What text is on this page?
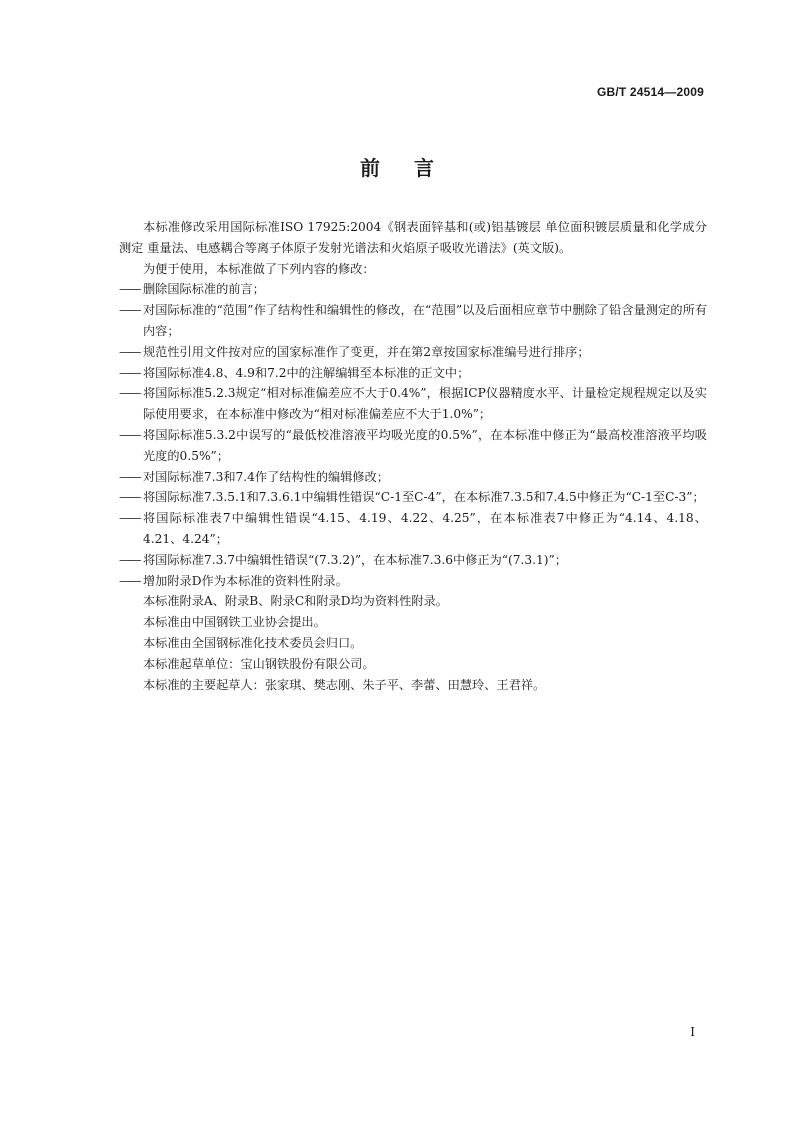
GB/T 24514—2009
前言

本标准修改采用国际标准ISO 17925:2004《钢表面锌基和(或)铝基镀层 单位面积镀层质量和化学成分测定 重量法、电感耦合等离子体原子发射光谱法和火焰原子吸收光谱法》(英文版)。

为便于使用，本标准做了下列内容的修改：

—— 删除国际标准的前言；

—— 对国际标准的“范围”作了结构性和编辑性的修改，在“范围”以及后面相应章节中删除了铅含量测定的所有内容；

—— 规范性引用文件按对应的国家标准作了变更，并在第2章按国家标准编号进行排序；

—— 将国际标准4.8、4.9和7.2中的注解编辑至本标准的正文中；

—— 将国际标准5.2.3规定“相对标准偏差应不大于0.4%”，根据ICP仪器精度水平、计量检定规程规定以及实际使用要求，在本标准中修改为“相对标准偏差应不大于1.0%”；

—— 将国际标准5.3.2中误写的“最低校准溶液平均吸光度的0.5%”，在本标准中修正为“最高校准溶液平均吸光度的0.5%”；

—— 对国际标准7.3和7.4作了结构性的编辑修改；

—— 将国际标准7.3.5.1和7.3.6.1中编辑性错误“C-1至C-4”，在本标准7.3.5和7.4.5中修正为“C-1至C-3”；

—— 将国际标准表7中编辑性错误“4.15、4.19、4.22、4.25”，在本标准表7中修正为“4.14、4.18、4.21、4.24”；

—— 将国际标准7.3.7中编辑性错误“(7.3.2)”，在本标准7.3.6中修正为“(7.3.1)”；

—— 增加附录D作为本标准的资料性附录。

本标准附录A、附录B、附录C和附录D均为资料性附录。

本标准由中国钢铁工业协会提出。

本标准由全国钢标准化技术委员会归口。

本标准起草单位：宝山钢铁股份有限公司。

本标准的主要起草人：张家琪、樊志刚、朱子平、李蕾、田慧玲、王君祥。

I
